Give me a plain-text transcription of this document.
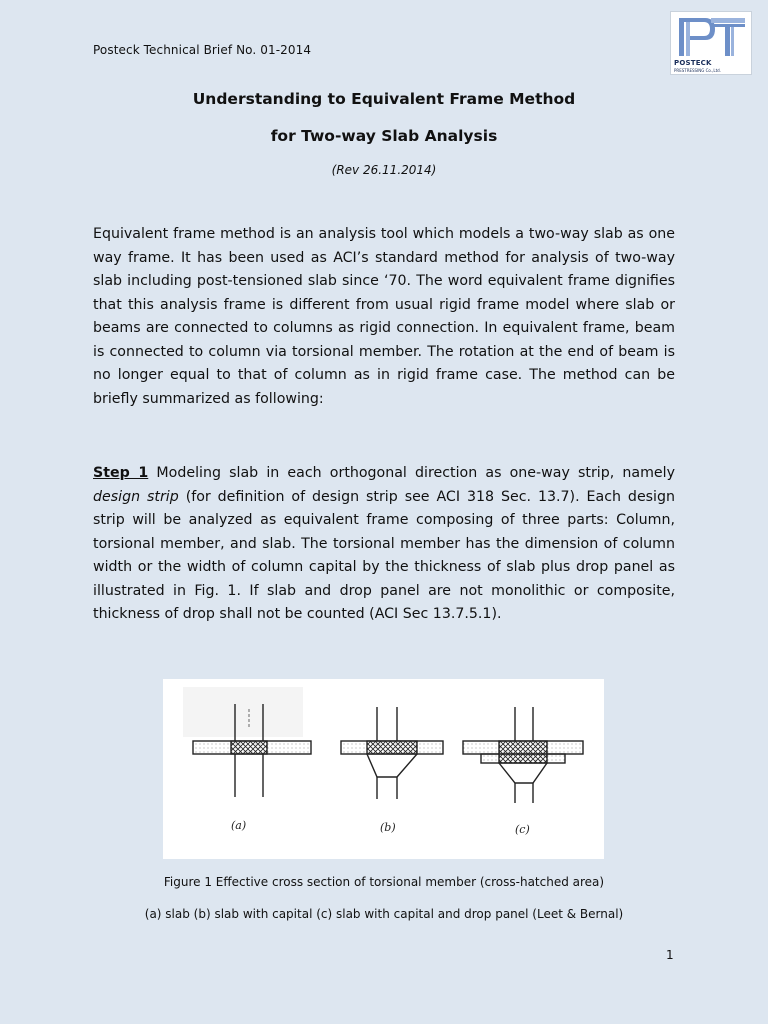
Posteck Technical Brief No. 01-2014
POSTECK
PRESTRESSING Co.,Ltd.
Understanding to Equivalent Frame Method
for Two-way Slab Analysis
(Rev 26.11.2014)
Equivalent frame method is an analysis tool which models a two-way slab as one way frame. It has been used as ACI’s standard method for analysis of two-way slab including post-tensioned slab since ‘70. The word equivalent frame dignifies that this analysis frame is different from usual rigid frame model where slab or beams are connected to columns as rigid connection. In equivalent frame, beam is connected to column via torsional member. The rotation at the end of beam is no longer equal to that of column as in rigid frame case. The method can be briefly summarized as following:
Step 1 Modeling slab in each orthogonal direction as one-way strip, namely design strip (for definition of design strip see ACI 318 Sec. 13.7). Each design strip will be analyzed as equivalent frame composing of three parts: Column, torsional member, and slab. The torsional member has the dimension of column width or the width of column capital by the thickness of slab plus drop panel as illustrated in Fig. 1. If slab and drop panel are not monolithic or composite, thickness of drop shall not be counted (ACI Sec 13.7.5.1).
(a)	(b)	(c)
Figure 1 Effective cross section of torsional member (cross-hatched area)
(a) slab (b) slab with capital (c) slab with capital and drop panel (Leet & Bernal)
1
